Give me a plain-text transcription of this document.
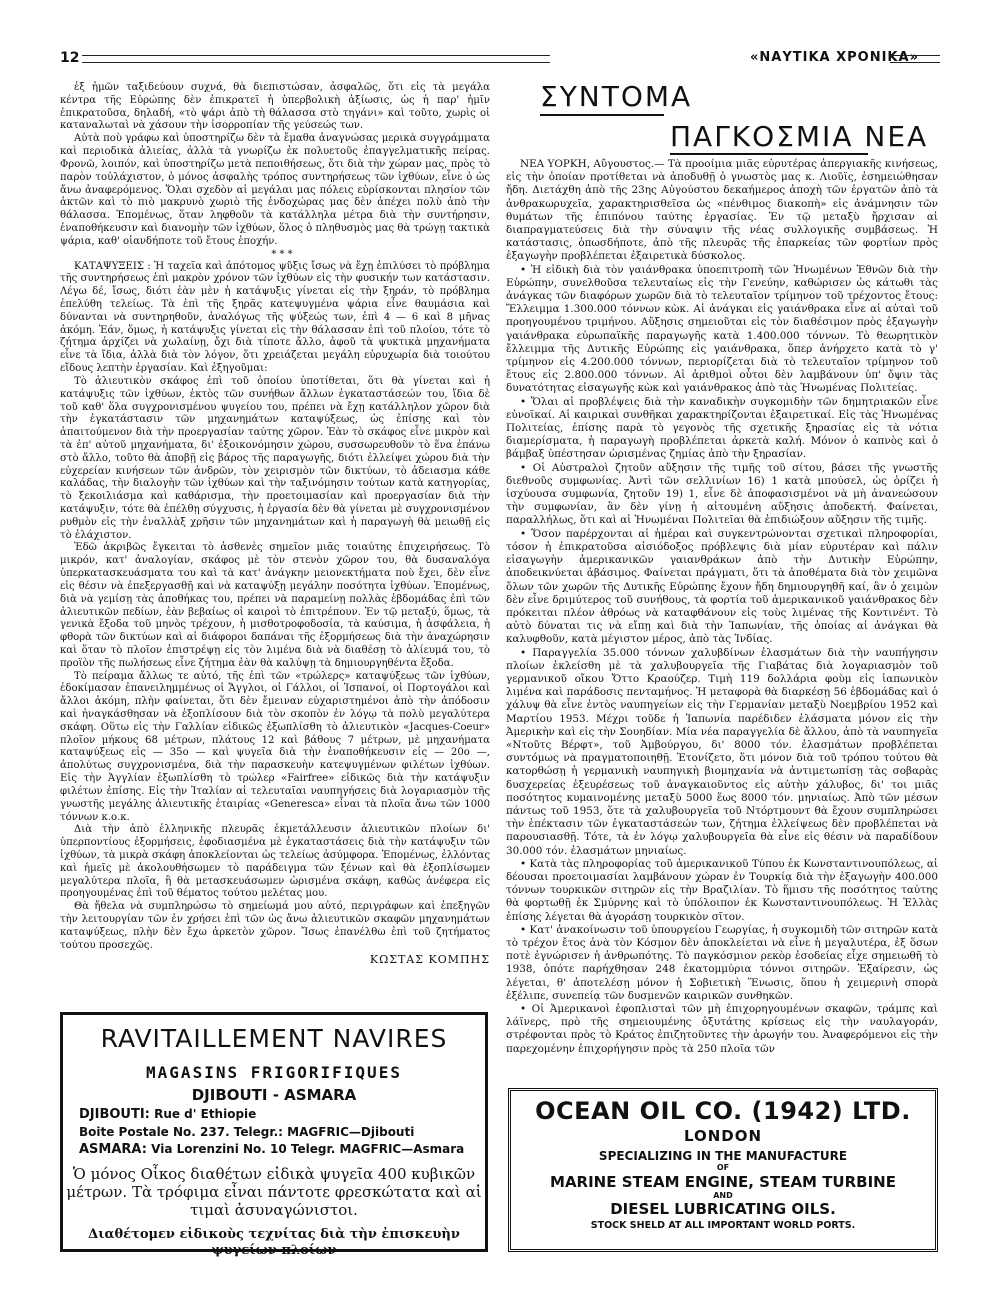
12	«ΝΑΥΤΙΚΑ ΧΡΟΝΙΚΑ»

ἐξ ἡμῶν ταξιδεύουν συχνά, θὰ διεπιστώσαν, ἀσφαλῶς, ὅτι εἰς τὰ μεγάλα κέντρα τῆς Εὐρώπης δὲν ἐπικρατεῖ ἡ ὑπερβολικὴ ἀξίωσις, ὡς ἡ παρ' ἡμῖν ἐπικρατοῦσα, δηλαδή, «τὸ ψάρι ἀπὸ τὴ θάλασσα στὸ τηγάνι» καὶ τοῦτο, χωρὶς οἱ καταναλωταὶ νὰ χάσουν τὴν ἰσορροπίαν τῆς γεύσεώς των.

Αὐτὰ ποὺ γράφω καὶ ὑποστηρίζω δὲν τὰ ἔμαθα ἀναγνώσας μερικὰ συγγράμματα καὶ περιοδικὰ ἁλιείας, ἀλλὰ τὰ γνωρίζω ἐκ πολυετοῦς ἐπαγγελματικῆς πείρας. Φρονῶ, λοιπόν, καὶ ὑποστηρίζω μετὰ πεποιθήσεως, ὅτι διὰ τὴν χώραν μας, πρὸς τὸ παρὸν τοὐλάχιστον, ὁ μόνος ἀσφαλὴς τρόπος συντηρήσεως τῶν ἰχθύων, εἶνε ὁ ὡς ἄνω ἀναφερόμενος. Ὅλαι σχεδὸν αἱ μεγάλαι μας πόλεις εὑρίσκονται πλησίον τῶν ἀκτῶν καὶ τὸ πιὸ μακρυνὸ χωριὸ τῆς ἐνδοχώρας μας δὲν ἀπέχει πολὺ ἀπὸ τὴν θάλασσα. Ἑπομένως, ὅταν ληφθοῦν τὰ κατάλληλα μέτρα διὰ τὴν συντήρησιν, ἐναποθήκευσιν καὶ διανομὴν τῶν ἰχθύων, ὅλος ὁ πληθυσμὸς μας θὰ τρώγῃ τακτικὰ ψάρια, καθ' οἱανδήποτε τοῦ ἔτους ἐποχήν.

* * *

ΚΑΤΑΨΥΞΕΙΣ : Ἡ ταχεῖα καὶ ἀπότομος ψῦξις ἴσως νὰ ἔχῃ ἐπιλύσει τὸ πρόβλημα τῆς συντηρήσεως ἐπὶ μακρὸν χρόνον τῶν ἰχθύων εἰς τὴν φυσικήν των κατάστασιν. Λέγω δέ, ἴσως, διότι ἐὰν μὲν ἡ κατάψυξις γίνεται εἰς τὴν ξηράν, τὸ πρόβλημα ἐπελύθη τελείως. Τὰ ἐπὶ τῆς ξηρᾶς κατεψυγμένα ψάρια εἶνε θαυμάσια καὶ δύνανται νὰ συντηρηθοῦν, ἀναλόγως τῆς ψύξεώς των, ἐπὶ 4 — 6 καὶ 8 μῆνας ἀκόμη. Ἐάν, ὅμως, ἡ κατάψυξις γίνεται εἰς τὴν θάλασσαν ἐπὶ τοῦ πλοίου, τότε τὸ ζήτημα ἀρχίζει νὰ χωλαίνῃ, ὄχι διὰ τίποτε ἄλλο, ἀφοῦ τὰ ψυκτικὰ μηχανήματα εἶνε τὰ ἴδια, ἀλλὰ διὰ τὸν λόγον, ὅτι χρειάζεται μεγάλη εὐρυχωρία διὰ τοιούτου εἴδους λεπτὴν ἐργασίαν. Καὶ ἐξηγοῦμαι:

Τὸ ἁλιευτικὸν σκάφος ἐπὶ τοῦ ὁποίου ὑποτίθεται, ὅτι θὰ γίνεται καὶ ἡ κατάψυξις τῶν ἰχθύων, ἐκτὸς τῶν συνήθων ἄλλων ἐγκαταστάσεών του, ἴδια δὲ τοῦ καθ' ὅλα συγχρονισμένου ψυγείου του, πρέπει νὰ ἔχῃ κατάλληλον χῶρον διὰ τὴν ἐγκατάστασιν τῶν μηχανημάτων καταψύξεως, ὡς ἐπίσης καὶ τὸν ἀπαιτούμενον διὰ τὴν προεργασίαν ταύτης χῶρον. Ἐὰν τὸ σκάφος εἶνε μικρὸν καὶ τὰ ἐπ' αὐτοῦ μηχανήματα, δι' ἐξοικονόμησιν χώρου, συσσωρευθοῦν τὸ ἕνα ἐπάνω στὸ ἄλλο, τοῦτο θὰ ἀποβῇ εἰς βάρος τῆς παραγωγῆς, διότι ἐλλείψει χώρου διὰ τὴν εὐχερείαν κινήσεων τῶν ἀνδρῶν, τὸν χειρισμὸν τῶν δικτύων, τὸ ἀδειασμα κάθε καλάδας, τὴν διαλογὴν τῶν ἰχθύων καὶ τὴν ταξινόμησιν τούτων κατὰ κατηγορίας, τὸ ξεκοιλιάσμα καὶ καθάρισμα, τὴν προετοιμασίαν καὶ προεργασίαν διὰ τὴν κατάψυξιν, τότε θὰ ἐπέλθῃ σύγχυσις, ἡ ἐργασία δὲν θὰ γίνεται μὲ συγχρονισμένον ρυθμὸν εἰς τὴν ἐναλλὰξ χρῆσιν τῶν μηχανημάτων καὶ ἡ παραγωγὴ θὰ μειωθῇ εἰς τὸ ἐλάχιστον.

Ἐδῶ ἀκριβῶς ἔγκειται τὸ ἀσθενὲς σημεῖον μιᾶς τοιαύτης ἐπιχειρήσεως. Τὸ μικρόν, κατ' ἀναλογίαν, σκάφος μὲ τὸν στενὸν χῶρον του, θὰ δυσαναλόγα ὑπερκατασκευάσματα του καὶ τὰ κατ' ἀνάγκην μειονεκτήματα ποὺ ἔχει, δὲν εἶνε εἰς θέσιν νὰ ἐπεξεργασθῇ καὶ νὰ καταψύξῃ μεγάλην ποσότητα ἰχθύων. Ἑπομένως, διὰ νὰ γεμίσῃ τὰς ἀποθήκας του, πρέπει νὰ παραμείνῃ πολλὰς ἑβδομάδας ἐπὶ τῶν ἁλιευτικῶν πεδίων, ἐὰν βεβαίως οἱ καιροὶ τὸ ἐπιτρέπουν. Ἐν τῷ μεταξύ, ὅμως, τὰ γενικὰ ἔξοδα τοῦ μηνὸς τρέχουν, ἡ μισθοτροφοδοσία, τὰ καύσιμα, ἡ ἀσφάλεια, ἡ φθορὰ τῶν δικτύων καὶ αἱ διάφοροι δαπάναι τῆς ἐξορμήσεως διὰ τὴν ἀναχώρησιν καὶ ὅταν τὸ πλοῖον ἐπιστρέψῃ εἰς τὸν λιμένα διὰ νὰ διαθέσῃ τὸ ἁλίευμά του, τὸ προϊὸν τῆς πωλήσεως εἶνε ζήτημα ἐὰν θὰ καλύψῃ τὰ δημιουργηθέντα ἔξοδα.

Τὸ πείραμα ἄλλως τε αὐτό, τῆς ἐπὶ τῶν «τρώλερς» καταψύξεως τῶν ἰχθύων, ἐδοκίμασαν ἐπανειλημμένως οἱ Ἄγγλοι, οἱ Γάλλοι, οἱ Ἰσπανοί, οἱ Πορτογάλοι καὶ ἄλλοι ἀκόμη, πλὴν φαίνεται, ὅτι δὲν ἔμειναν εὐχαριστημένοι ἀπὸ τὴν ἀπόδοσιν καὶ ἠναγκάσθησαν νὰ ἐξοπλίσουν διὰ τὸν σκοπὸν ἐν λόγῳ τὰ πολὺ μεγαλύτερα σκάφη. Οὕτω εἰς τὴν Γαλλίαν εἰδικῶς ἐξωπλίσθη τὸ ἁλιευτικὸν «Jacques-Coeur» πλοῖον μήκους 68 μέτρων, πλάτους 12 καὶ βάθους 7 μέτρων, μὲ μηχανήματα καταψύξεως εἰς — 35ο — καὶ ψυγεῖα διὰ τὴν ἐναποθήκευσιν εἰς — 20ο —, ἀπολύτως συγχρονισμένα, διὰ τὴν παρασκευὴν κατεψυγμένων φιλέτων ἰχθύων. Εἰς τὴν Ἀγγλίαν ἐξωπλίσθη τὸ τρώλερ «Fairfree» εἰδικῶς διὰ τὴν κατάψυξιν φιλέτων ἐπίσης. Εἰς τὴν Ἰταλίαν αἱ τελευταῖαι ναυπηγήσεις διὰ λογαριασμὸν τῆς γνωστῆς μεγάλης ἁλιευτικῆς ἑταιρίας «Generesca» εἶναι τὰ πλοῖα ἄνω τῶν 1000 τόννων κ.ο.κ.

Διὰ τὴν ἀπὸ ἑλληνικῆς πλευρᾶς ἐκμετάλλευσιν ἁλιευτικῶν πλοίων δι' ὑπερποντίους ἐξορμήσεις, ἐφοδιασμένα μὲ ἐγκαταστάσεις διὰ τὴν κατάψυξιν τῶν ἰχθύων, τὰ μικρὰ σκάφη ἀποκλείονται ὡς τελείως ἀσύμφορα. Ἑπομένως, ἐλλόντας καὶ ἡμεῖς μὲ ἀκολουθήσωμεν τὸ παράδειγμα τῶν ξένων καὶ θὰ ἐξοπλίσωμεν μεγαλύτερα πλοῖα, ἢ θὰ μετασκευάσωμεν ὡρισμένα σκάφη, καθὼς ἀνέφερα εἰς προηγουμένας ἐπὶ τοῦ θέματος τούτου μελέτας μου.

Θὰ ἤθελα νὰ συμπληρώσω τὸ σημείωμά μου αὐτό, περιγράφων καὶ ἐπεξηγῶν τὴν λειτουργίαν τῶν ἐν χρήσει ἐπὶ τῶν ὡς ἄνω ἁλιευτικῶν σκαφῶν μηχανημάτων καταψύξεως, πλὴν δὲν ἔχω ἀρκετὸν χῶρον. Ἴσως ἐπανέλθω ἐπὶ τοῦ ζητήματος τούτου προσεχῶς.

ΚΩΣΤΑΣ ΚΟΜΠΗΣ
ΣΥΝΤΟΜΑ
ΠΑΓΚΟΣΜΙΑ ΝΕΑ

ΝΕΑ ΥΟΡΚΗ, Αὔγουστος.— Τὰ προοίμια μιᾶς εὐρυτέρας ἀπεργιακῆς κινήσεως, εἰς τὴν ὁποίαν προτίθεται νὰ ἀποδυθῇ ὁ γνωστὸς μας κ. Λιοῦϊς, ἐσημειώθησαν ἤδη. Διετάχθη ἀπὸ τῆς 23ης Αὐγούστου δεκαήμερος ἀποχὴ τῶν ἐργατῶν ἀπὸ τὰ ἀνθρακωρυχεῖα, χαρακτηρισθεῖσα ὡς «πένθιμος διακοπὴ» εἰς ἀνάμνησιν τῶν θυμάτων τῆς ἐπιπόνου ταύτης ἐργασίας. Ἐν τῷ μεταξὺ ἤρχισαν αἱ διαπραγματεύσεις διὰ τὴν σύναψιν τῆς νέας συλλογικῆς συμβάσεως. Ἡ κατάστασις, ὁπωσδήποτε, ἀπὸ τῆς πλευρᾶς τῆς ἐπαρκείας τῶν φορτίων πρὸς ἐξαγωγὴν προβλέπεται ἐξαιρετικὰ δύσκολος.

• Ἡ εἰδικὴ διὰ τὸν γαιάνθρακα ὑποεπιτροπὴ τῶν Ἡνωμένων Ἐθνῶν διὰ τὴν Εὐρώπην, συνελθοῦσα τελευταίως εἰς τὴν Γενεύην, καθώρισεν ὡς κάτωθι τὰς ἀνάγκας τῶν διαφόρων χωρῶν διὰ τὸ τελευταῖον τρίμηνον τοῦ τρέχοντος ἔτους: Ἔλλειμμα 1.300.000 τόννων κὼκ. Αἱ ἀνάγκαι εἰς γαιάνθρακα εἶνε αἱ αὐταὶ τοῦ προηγουμένου τριμήνου. Αὔξησις σημειοῦται εἰς τὸν διαθέσιμον πρὸς ἐξαγωγὴν γαιάνθρακα εὐρωπαϊκῆς παραγωγῆς κατὰ 1.400.000 τόννων. Τὸ θεωρητικὸν ἔλλειμμα τῆς Δυτικῆς Εὐρώπης εἰς γαιάνθρακα, ὅπερ ἀνήρχετο κατὰ τὸ γ' τρίμηνον εἰς 4.200.000 τόννων, περιορίζεται διὰ τὸ τελευταῖον τρίμηνον τοῦ ἔτους εἰς 2.800.000 τόννων. Αἱ ἀριθμοὶ οὗτοι δὲν λαμβάνουν ὑπ' ὄψιν τὰς δυνατότητας εἰσαγωγῆς κὼκ καὶ γαιάνθρακος ἀπὸ τὰς Ἡνωμένας Πολιτείας.

• Ὅλαι αἱ προβλέψεις διὰ τὴν καναδικὴν συγκομιδὴν τῶν δημητριακῶν εἶνε εὐνοϊκαί. Αἱ καιρικαὶ συνθῆκαι χαρακτηρίζονται ἐξαιρετικαί. Εἰς τὰς Ἡνωμένας Πολιτείας, ἐπίσης παρὰ τὸ γεγονὸς τῆς σχετικῆς ξηρασίας εἰς τὰ νότια διαμερίσματα, ἡ παραγωγὴ προβλέπεται ἀρκετὰ καλή. Μόνον ὁ καπνὸς καὶ ὁ βάμβαξ ὑπέστησαν ὡρισμένας ζημίας ἀπὸ τὴν ξηρασίαν.

• Οἱ Αὐστραλοὶ ζητοῦν αὔξησιν τῆς τιμῆς τοῦ σίτου, βάσει τῆς γνωστῆς διεθνοῦς συμφωνίας. Ἀντὶ τῶν σελλινίων 16) 1 κατὰ μπούσελ, ὡς ὁρίζει ἡ ἰσχύουσα συμφωνία, ζητοῦν 19) 1, εἶνε δὲ ἀποφασισμένοι νὰ μὴ ἀνανεώσουν τὴν συμφωνίαν, ἂν δὲν γίνῃ ἡ αἰτουμένη αὔξησις ἀποδεκτή. Φαίνεται, παραλλήλως, ὅτι καὶ αἱ Ἡνωμέναι Πολιτεῖαι θὰ ἐπιδιώξουν αὔξησιν τῆς τιμῆς.

• Ὅσον παρέρχονται αἱ ἡμέραι καὶ συγκεντρώνονται σχετικαὶ πληροφορίαι, τόσον ἡ ἐπικρατοῦσα αἰσιόδοξος πρόβλεψις διὰ μίαν εὐρυτέραν καὶ πάλιν εἰσαγωγὴν ἀμερικανικῶν γαιανθράκων ἀπὸ τὴν Δυτικὴν Εὐρώπην, ἀποδεικνύεται ἀβάσιμος. Φαίνεται πράγματι, ὅτι τὰ ἀποθέματα διὰ τὸν χειμῶνα ὅλων τῶν χωρῶν τῆς Δυτικῆς Εὐρώπης ἔχουν ἤδη δημιουργηθῆ καί, ἂν ὁ χειμὼν δὲν εἶνε δριμύτερος τοῦ συνήθους, τὰ φορτία τοῦ ἀμερικανικοῦ γαιάνθρακος δὲν πρόκειται πλέον ἀθρόως νὰ καταφθάνουν εἰς τοὺς λιμένας τῆς Κοντινέντ. Τὸ αὐτὸ δύναται τις νὰ εἴπῃ καὶ διὰ τὴν Ἰαπωνίαν, τῆς ὁποίας αἱ ἀνάγκαι θὰ καλυφθοῦν, κατὰ μέγιστον μέρος, ἀπὸ τὰς Ἰνδίας.

• Παραγγελία 35.000 τόννων χαλυβδίνων ἐλασμάτων διὰ τὴν ναυπήγησιν πλοίων ἐκλείσθη μὲ τὰ χαλυβουργεῖα τῆς Γιαβάτας διὰ λογαριασμὸν τοῦ γερμανικοῦ οἴκου Ὄττο Κραούζερ. Τιμὴ 119 δολλάρια φοὺμ εἰς ἰαπωνικὸν λιμένα καὶ παράδοσις πενταμήνος. Ἡ μεταφορὰ θὰ διαρκέσῃ 56 ἑβδομάδας καὶ ὁ χάλυψ θὰ εἶνε ἐντὸς ναυπηγείων εἰς τὴν Γερμανίαν μεταξὺ Νοεμβρίου 1952 καὶ Μαρτίου 1953. Μέχρι τοῦδε ἡ Ἰαπωνία παρέδιδεν ἐλάσματα μόνον εἰς τὴν Ἀμερικὴν καὶ εἰς τὴν Σουηδίαν. Μία νέα παραγγελία δὲ ἄλλου, ἀπὸ τὰ ναυπηγεῖα «Ντοῦτς Βέρφτ», τοῦ Ἀμβούργου, δι' 8000 τόν. ἐλασμάτων προβλέπεται συντόμως νὰ πραγματοποιηθῇ. Ἐτονίζετο, ὅτι μόνον διὰ τοῦ τρόπου τούτου θὰ κατορθώσῃ ἡ γερμανικὴ ναυπηγικὴ βιομηχανία νὰ ἀντιμετωπίσῃ τὰς σοβαρὰς δυσχερείας ἐξευρέσεως τοῦ ἀναγκαιοῦντος εἰς αὐτὴν χάλυβος, δι' τοι μιᾶς ποσότητος κυμαινομένης μεταξὺ 5000 ἕως 8000 τόν. μηνιαίως. Ἀπὸ τῶν μέσων πάντως τοῦ 1953, ὅτε τὰ χαλυβουργεῖα τοῦ Ντόρτμουντ θὰ ἔχουν συμπληρώσει τὴν ἐπέκτασιν τῶν ἐγκαταστάσεών των, ζήτημα ἐλλείψεως δὲν προβλέπεται νὰ παρουσιασθῇ. Τότε, τὰ ἐν λόγῳ χαλυβουργεῖα θὰ εἶνε εἰς θέσιν νὰ παραδίδουν 30.000 τόν. ἐλασμάτων μηνιαίως.

• Κατὰ τὰς πληροφορίας τοῦ ἀμερικανικοῦ Τύπου ἐκ Κωνσταντινουπόλεως, αἱ δέουσαι προετοιμασίαι λαμβάνουν χώραν ἐν Τουρκίᾳ διὰ τὴν ἐξαγωγὴν 400.000 τόννων τουρκικῶν σιτηρῶν εἰς τὴν Βραζιλίαν. Τὸ ἥμισυ τῆς ποσότητος ταύτης θὰ φορτωθῇ ἐκ Σμύρνης καὶ τὸ ὑπόλοιπον ἐκ Κωνσταντινουπόλεως. Ἡ Ἑλλὰς ἐπίσης λέγεται θὰ ἀγοράσῃ τουρκικὸν σῖτον.

• Κατ' ἀνακοίνωσιν τοῦ ὑπουργείου Γεωργίας, ἡ συγκομιδὴ τῶν σιτηρῶν κατὰ τὸ τρέχον ἔτος ἀνὰ τὸν Κόσμον δὲν ἀποκλείεται νὰ εἶνε ἡ μεγαλυτέρα, ἐξ ὅσων ποτὲ ἐγνώρισεν ἡ ἀνθρωπότης. Τὸ παγκόσμιον ρεκὸρ ἐσοδείας εἶχε σημειωθῆ τὸ 1938, ὁπότε παρήχθησαν 248 ἑκατομμύρια τόννοι σιτηρῶν. Ἐξαίρεσιν, ὡς λέγεται, θ' ἀποτελέσῃ μόνον ἡ Σοβιετικὴ Ἕνωσις, ὅπου ἡ χειμερινὴ σπορὰ ἐξέλιπε, συνεπείᾳ τῶν δυσμενῶν καιρικῶν συνθηκῶν.

• Οἱ Ἀμερικανοὶ ἐφοπλισταὶ τῶν μὴ ἐπιχορηγουμένων σκαφῶν, τράμπς καὶ λάϊνερς, πρὸ τῆς σημειουμένης ὀξυτάτης κρίσεως εἰς τὴν ναυλαγοράν, στρέφονται πρὸς τὸ Κράτος ἐπιζητοῦντες τὴν ἀρωγήν του. Ἀναφερόμενοι εἰς τὴν παρεχομένην ἐπιχορήγησιν πρὸς τὰ 250 πλοῖα τῶν

RAVITAILLEMENT NAVIRES
MAGASINS FRIGORIFIQUES
DJIBOUTI - ASMARA
DJIBOUTI: Rue d' Ethiopie
Boite Postale No. 237. Telegr.: MAGFRIC—Djibouti
ASMARA: Via Lorenzini No. 10 Telegr. MAGFRIC—Asmara
Ὁ μόνος Οἶκος διαθέτων εἰδικὰ ψυγεῖα 400 κυβικῶν μέτρων. Τὰ τρόφιμα εἶναι πάντοτε φρεσκώτατα καὶ αἱ τιμαὶ ἀσυναγώνιστοι.
Διαθέτομεν εἰδικοὺς τεχνίτας διὰ τὴν ἐπισκευὴν ψυγείων πλοίων
OCEAN OIL CO. (1942) LTD.
LONDON
SPECIALIZING IN THE MANUFACTURE
OF
MARINE STEAM ENGINE, STEAM TURBINE
AND
DIESEL LUBRICATING OILS.
STOCK SHELD AT ALL IMPORTANT WORLD PORTS.
